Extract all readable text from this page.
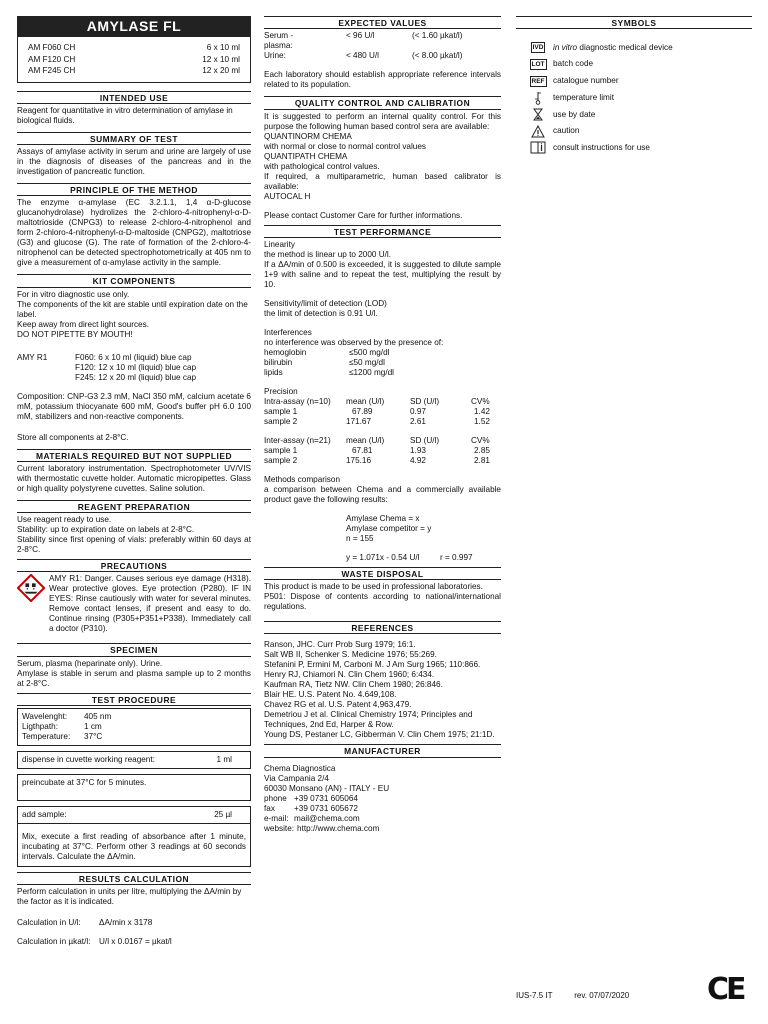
AMYLASE FL
AM F060 CH	6 x 10 ml
AM F120 CH	12 x 10 ml
AM F245 CH	12 x 20 ml
INTENDED USE
Reagent for quantitative in vitro determination of amylase in biological fluids.
SUMMARY OF TEST
Assays of amylase activity in serum and urine are largely of use in the diagnosis of diseases of the pancreas and in the investigation of pancreatic function.
PRINCIPLE OF THE METHOD
The enzyme α-amylase (EC 3.2.1.1, 1,4 α-D-glucose glucanohydrolase) hydrolizes the 2-chloro-4-nitrophenyl-α-D-maltotrioside (CNPG3) to release 2-chloro-4-nitrophenol and form 2-chloro-4-nitrophenyl-α-D-maltoside (CNPG2), maltotriose (G3) and glucose (G). The rate of formation of the 2-chloro-4-nitrophenol can be detected spectrophotometrically at 405 nm to give a measurement of α-amylase activity in the sample.
KIT COMPONENTS
For in vitro diagnostic use only.
The components of the kit are stable until expiration date on the label.
Keep away from direct light sources.
DO NOT PIPETTE BY MOUTH!
AMY R1	F060: 6 x 10 ml (liquid) blue cap
F120: 12 x 10 ml (liquid) blue cap
F245: 12 x 20 ml (liquid) blue cap
Composition: CNP-G3 2.3 mM, NaCl 350 mM, calcium acetate 6 mM, potassium thiocyanate 600 mM, Good's buffer pH 6.0 100 mM, stabilizers and non-reactive components.
Store all components at 2-8°C.
MATERIALS REQUIRED BUT NOT SUPPLIED
Current laboratory instrumentation. Spectrophotometer UV/VIS with thermostatic cuvette holder. Automatic micropipettes. Glass or high quality polystyrene cuvettes. Saline solution.
REAGENT PREPARATION
Use reagent ready to use.
Stability: up to expiration date on labels at 2-8°C.
Stability since first opening of vials: preferably within 60 days at 2-8°C.
PRECAUTIONS
AMY R1: Danger. Causes serious eye damage (H318). Wear protective gloves. Eye protection (P280). IF IN EYES: Rinse cautiously with water for several minutes. Remove contact lenses, if present and easy to do. Continue rinsing (P305+P351+P338). Immediately call a doctor (P310).
SPECIMEN
Serum, plasma (heparinate only). Urine.
Amylase is stable in serum and plasma sample up to 2 months at 2-8°C.
TEST PROCEDURE
Wavelenght:	405 nm
Ligthpath:	1 cm
Temperature:	37°C
dispense in cuvette working reagent:	1 ml
preincubate at 37°C for 5 minutes.
add sample:	25 µl
Mix, execute a first reading of absorbance after 1 minute, incubating at 37°C. Perform other 3 readings at 60 seconds intervals. Calculate the ΔA/min.
RESULTS CALCULATION
Perform calculation in units per litre, multiplying the ΔA/min by the factor as it is indicated.
Calculation in U/l:	ΔA/min x 3178
Calculation in µkat/l:	U/l x 0.0167 = µkat/l
EXPECTED VALUES
Serum - plasma:
< 96 U/l	(< 1.60 µkat/l)
Urine:	< 480 U/l	(< 8.00 µkat/l)
Each laboratory should establish appropriate reference intervals related to its population.
QUALITY CONTROL AND CALIBRATION
It is suggested to perform an internal quality control. For this purpose the following human based control sera are available:
QUANTINORM CHEMA
with normal or close to normal control values
QUANTIPATH CHEMA
with pathological control values.
If required, a multiparametric, human based calibrator is available:
AUTOCAL H
Please contact Customer Care for further informations.
TEST PERFORMANCE
Linearity
the method is linear up to 2000 U/l.
If a ΔA/min of 0.500 is exceeded, it is suggested to dilute sample 1+9 with saline and to repeat the test, multiplying the result by 10.
Sensitivity/limit of detection (LOD)
the limit of detection is 0.91 U/l.
Interferences
no interference was observed by the presence of:
hemoglobin	≤500 mg/dl
bilirubin	≤50 mg/dl
lipids	≤1200 mg/dl
Precision
Intra-assay (n=10)	mean (U/l)	SD (U/l)	CV%
sample 1	67.89	0.97	1.42
sample 2	171.67	2.61	1.52
Inter-assay (n=21)	mean (U/l)	SD (U/l)	CV%
sample 1	67.81	1.93	2.85
sample 2	175.16	4.92	2.81
Methods comparison
a comparison between Chema and a commercially available product gave the following results:
Amylase Chema = x
Amylase competitor = y
n = 155
y = 1.071x - 0.54 U/l	r = 0.997
WASTE DISPOSAL
This product is made to be used in professional laboratories.
P501: Dispose of contents according to national/international regulations.
REFERENCES
Ranson, JHC. Curr Prob Surg 1979; 16:1.
Salt WB II, Schenker S. Medicine 1976; 55:269.
Stefanini P, Ermini M, Carboni M. J Am Surg 1965; 110:866.
Henry RJ, Chiamori N. Clin Chem 1960; 6:434.
Kaufman RA, Tietz NW. Clin Chem 1980; 26:846.
Blair HE. U.S. Patent No. 4.649,108.
Chavez RG et al. U.S. Patent 4,963,479.
Demetriou J et al. Clinical Chemistry 1974; Principles and Techniques, 2nd Ed, Harper & Row.
Young DS, Pestaner LC, Gibberman V. Clin Chem 1975; 21:1D.
MANUFACTURER
Chema Diagnostica
Via Campania 2/4
60030 Monsano (AN) - ITALY - EU
phone +39 0731 605064
fax	+39 0731 605672
e-mail: mail@chema.com
website: http://www.chema.com
SYMBOLS
IVD in vitro diagnostic medical device
LOT batch code
REF catalogue number
temperature limit
use by date
caution
consult instructions for use
IUS-7.5 IT	rev. 07/07/2020	CE
